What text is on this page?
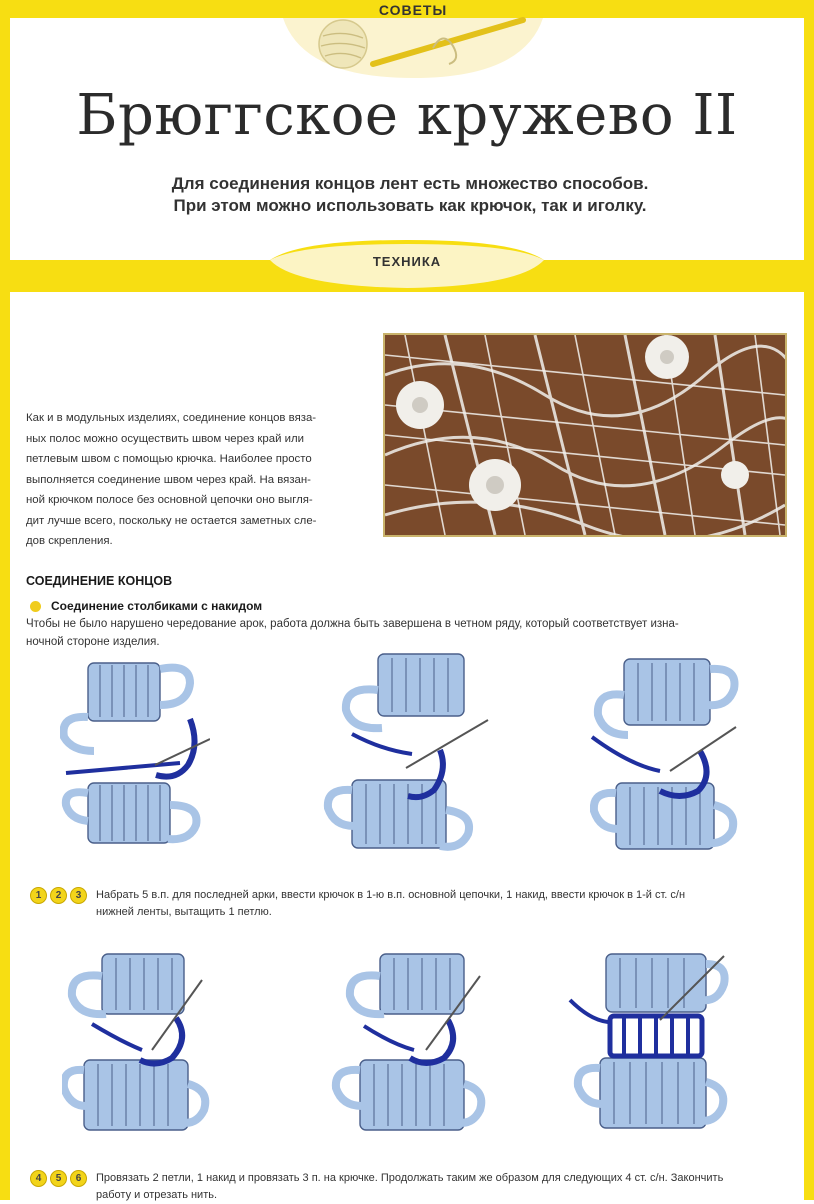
СОВЕТЫ
Брюггское кружево II
Для соединения концов лент есть множество способов.
При этом можно использовать как крючок, так и иголку.
ТЕХНИКА
Как и в модульных изделиях, соединение концов вяза-
ных полос можно осуществить швом через край или
петлевым швом с помощью крючка. Наиболее просто
выполняется соединение швом через край. На вязан-
ной крючком полосе без основной цепочки оно выгля-
дит лучше всего, поскольку не остается заметных сле-
дов скрепления.
СОЕДИНЕНИЕ КОНЦОВ
Соединение столбиками с накидом
Чтобы не было нарушено чередование арок, работа должна быть завершена в четном ряду, который соответствует изна-
ночной стороне изделия.
1	2	3	Набрать 5 в.п. для последней арки, ввести крючок в 1-ю в.п. основной цепочки, 1 накид, ввести крючок в 1-й ст. с/н
нижней ленты, вытащить 1 петлю.
4	5	6	Провязать 2 петли, 1 накид и провязать 3 п. на крючке. Продолжать таким же образом для следующих 4 ст. с/н. Закончить
работу и отрезать нить.
